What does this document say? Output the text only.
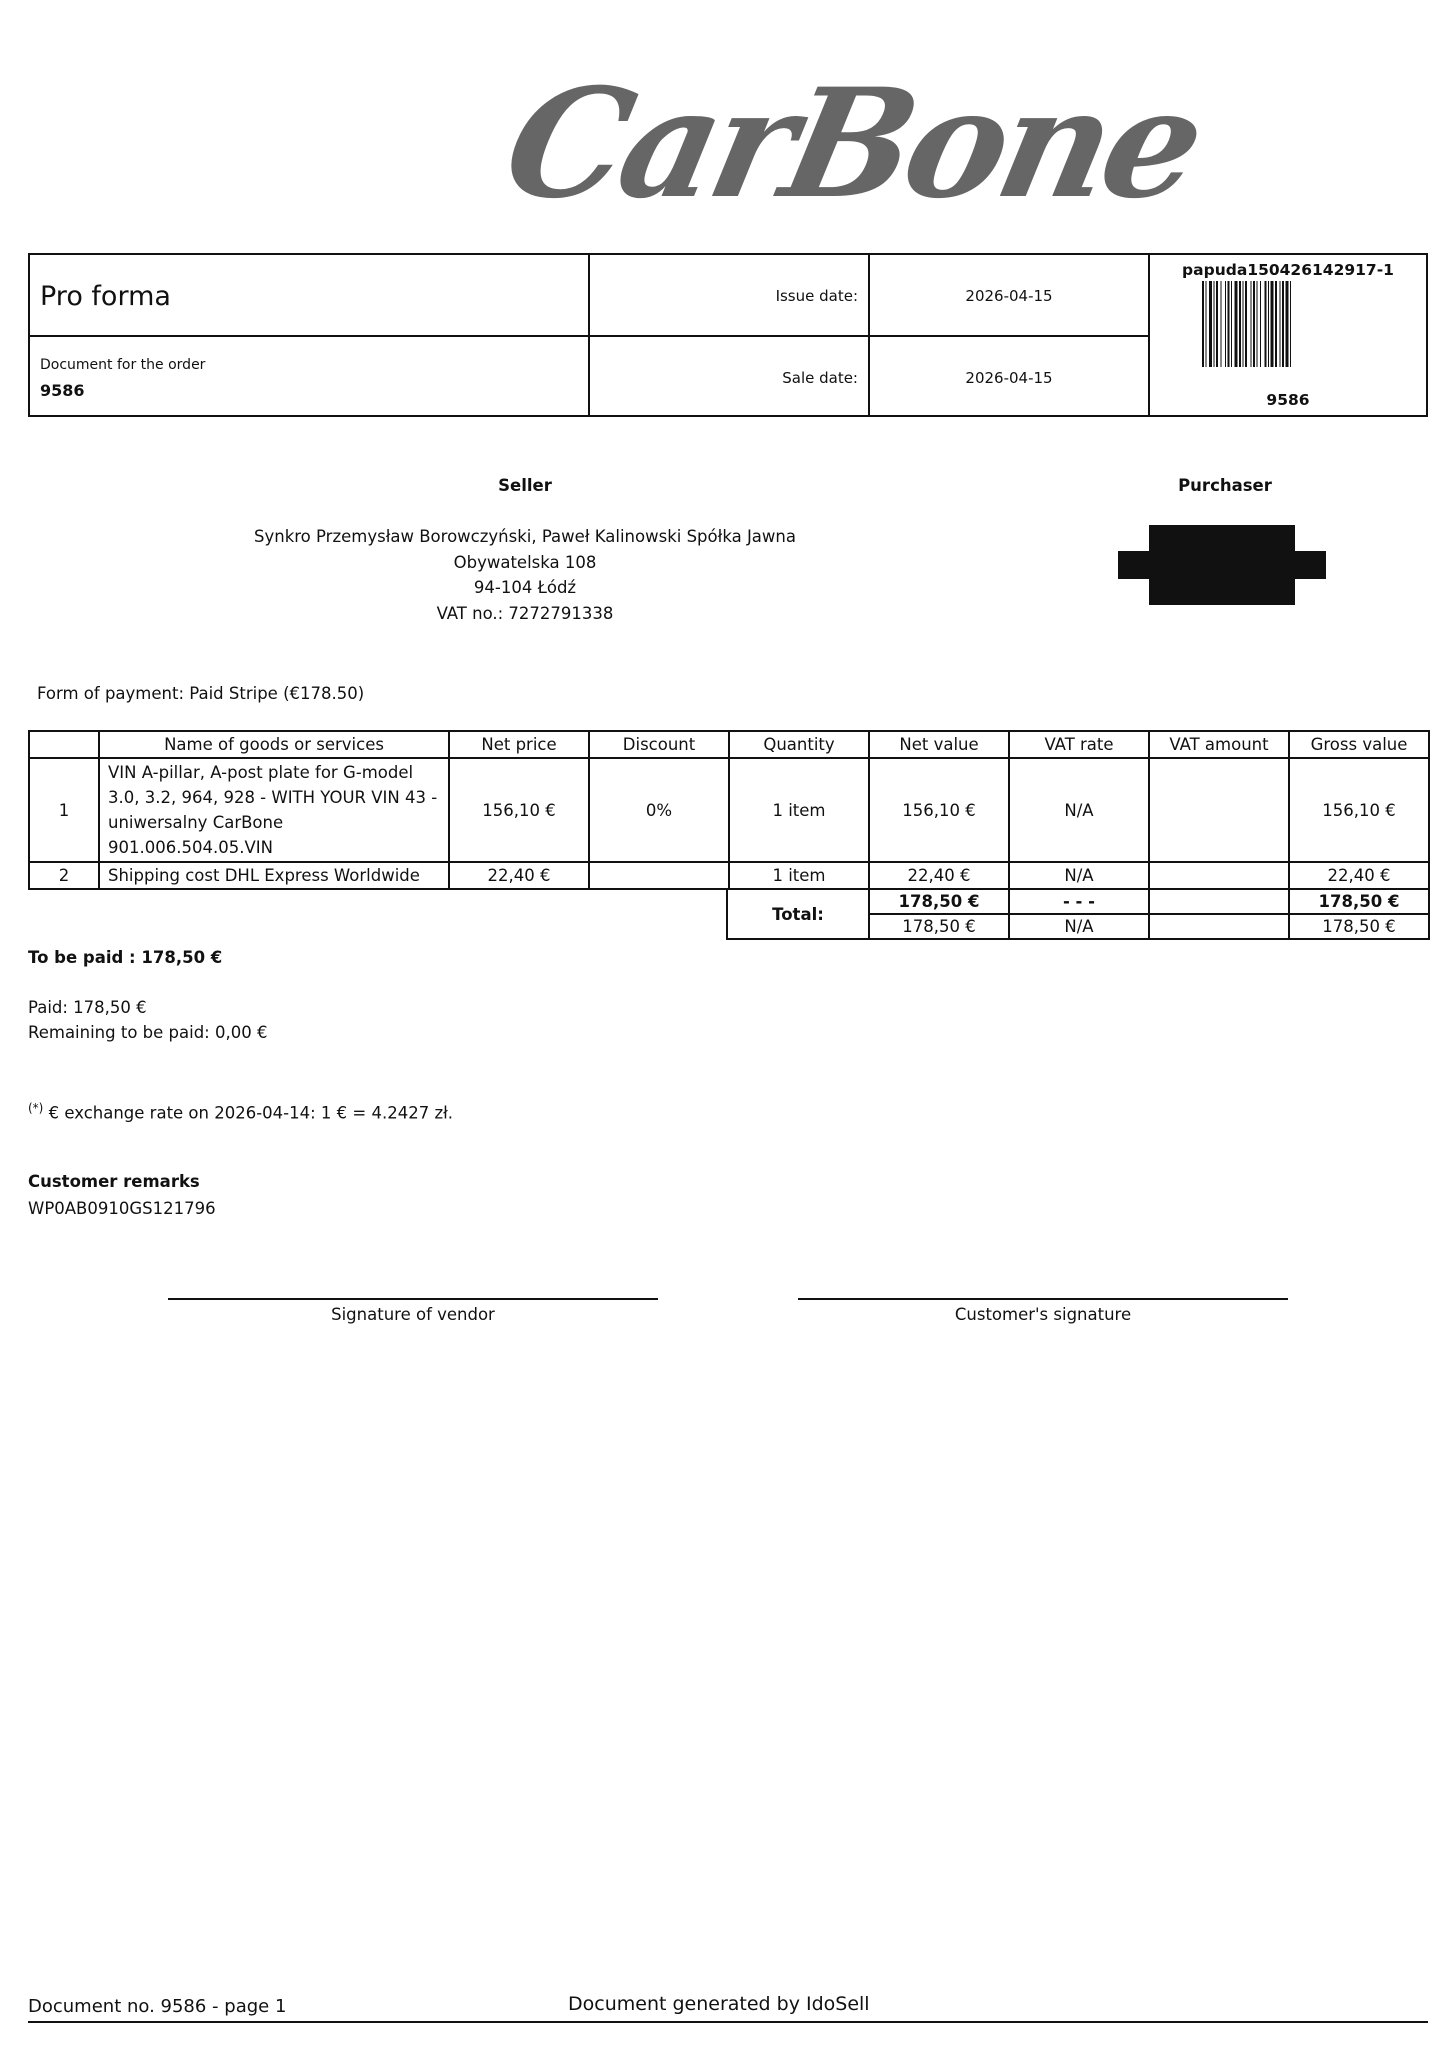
CarBone
Pro forma	Issue date:	2026-04-15
Document for the order
9586
Sale date:	2026-04-15
papuda150426142917-1
9586
Seller
Synkro Przemysław Borowczyński, Paweł Kalinowski Spółka Jawna
Obywatelska 108
94-104 Łódź
VAT no.: 7272791338
Purchaser
Form of payment: Paid Stripe (€178.50)
	Name of goods or services	Net price	Discount	Quantity	Net value	VAT rate	VAT amount	Gross value
1	VIN A-pillar, A-post plate for G-model 3.0, 3.2, 964, 928 - WITH YOUR VIN 43 - uniwersalny CarBone 901.006.504.05.VIN	156,10 €	0%	1 item	156,10 €	N/A		156,10 €
2	Shipping cost DHL Express Worldwide	22,40 €		1 item	22,40 €	N/A		22,40 €
Total:	178,50 €	- - -		178,50 €
	178,50 €	N/A		178,50 €
To be paid : 178,50 €
Paid: 178,50 €
Remaining to be paid: 0,00 €
(*) € exchange rate on 2026-04-14: 1 € = 4.2427 zł.
Customer remarks
WP0AB0910GS121796
Signature of vendor	Customer's signature
Document no. 9586 - page 1	Document generated by IdoSell
